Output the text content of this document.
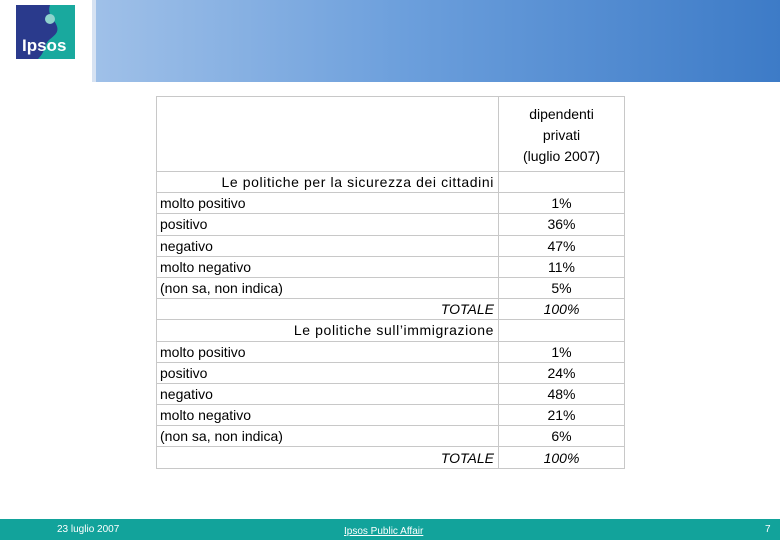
Ipsos

	dipendenti
privati
(luglio 2007)

Le politiche per la sicurezza dei cittadini	
molto positivo	1%
positivo	36%
negativo	47%
molto negativo	11%
(non sa, non indica)	5%
TOTALE	100%
Le politiche sull’immigrazione	
molto positivo	1%
positivo	24%
negativo	48%
molto negativo	21%
(non sa, non indica)	6%
TOTALE	100%
23 luglio 2007	Ipsos Public Affair	7
